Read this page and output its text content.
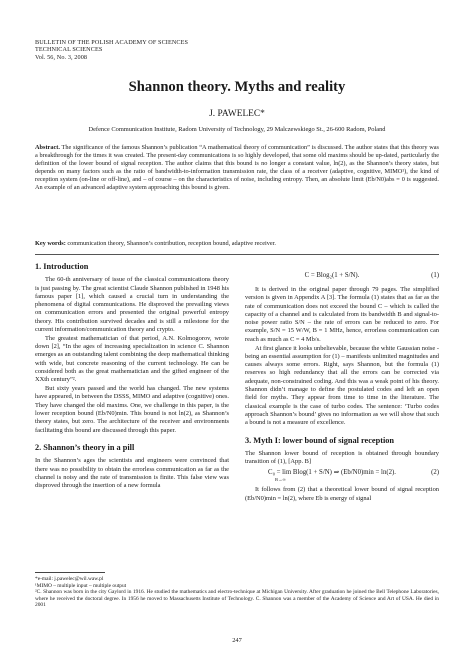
BULLETIN OF THE POLISH ACADEMY OF SCIENCES
TECHNICAL SCIENCES
Vol. 56, No. 3, 2008
Shannon theory. Myths and reality
J. PAWELEC*
Defence Communication Institute, Radom University of Technology, 29 Malczewskiego St., 26-600 Radom, Poland
Abstract. The significance of the famous Shannon’s publication “A mathematical theory of communication” is discussed. The author states that this theory was a breakthrough for the times it was created. The present-day communications is so highly developed, that some old maxims should be up-dated, particularly the definition of the lower bound of signal reception. The author claims that this bound is no longer a constant value, ln(2), as the Shannon’s theory states, but depends on many factors such as the ratio of bandwidth-to-information transmission rate, the class of a receiver (adaptive, cognitive, MIMO¹), the kind of reception system (on-line or off-line), and – of course – on the characteristics of noise, including entropy. Then, an absolute limit (Eb/N0)abs = 0 is suggested. An example of an advanced adaptive system approaching this bound is given.
Key words: communication theory, Shannon’s contribution, reception bound, adaptive receiver.
1. Introduction

The 60-th anniversary of issue of the classical communications theory is just passing by. The great scientist Claude Shannon published in 1948 his famous paper [1], which caused a crucial turn in understanding the phenomena of digital communications. He disproved the prevailing views on communication errors and presented the original powerful entropy theory. His contribution survived decades and is still a milestone for the current information/communication theory and crypto.

The greatest mathematician of that period, A.N. Kolmogorov, wrote down [2], “In the ages of increasing specialization in science C. Shannon emerges as an outstanding talent combining the deep mathematical thinking with wide, but concrete reasoning of the current technology. He can be considered both as the great mathematician and the gifted engineer of the XXth century”².

But sixty years passed and the world has changed. The new systems have appeared, in between the DSSS, MIMO and adaptive (cognitive) ones. They have changed the old maxims. One, we challenge in this paper, is the lower reception bound (Eb/N0)min. This bound is not ln(2), as Shannon’s theory states, but zero. The architecture of the receiver and environments facilitating this bound are discussed through this paper.

2. Shannon’s theory in a pill

In the Shannon’s ages the scientists and engineers were convinced that there was no possibility to obtain the errorless communication as far as the channel is noisy and the rate of transmission is finite. This false view was disproved through the insertion of a new formula

C = Blog₂(1 + S/N).	(1)

It is derived in the original paper through 79 pages. The simplified version is given in Appendix A [3]. The formula (1) states that as far as the rate of communication does not exceed the bound C – which is called the capacity of a channel and is calculated from its bandwidth B and signal-to-noise power ratio S/N – the rate of errors can be reduced to zero. For example, S/N = 15 W/W, B = 1 MHz, hence, errorless communication can reach as much as C = 4 Mb/s.

At first glance it looks unbelievable, because the white Gaussian noise - being an essential assumption for (1) – manifests unlimited magnitudes and causes always some errors. Right, says Shannon, but the formula (1) reserves so high redundancy that all the errors can be corrected via adequate, non-constrained coding. And this was a weak point of his theory. Shannon didn’t manage to define the postulated codes and left an open field for myths. They appear from time to time in the literature. The classical example is the case of turbo codes. The sentence: ‘Turbo codes approach Shannon’s bound’ gives no information as we will show that such a bound is not a measure of excellence.

3. Myth I: lower bound of signal reception

The Shannon lower bound of reception is obtained through boundary transition of (1), [App. B]

C₀ = lim Blog(1 + S/N) ⇒ (Eb/N0)min = ln(2).
B→∞
(2)

It follows from (2) that a theoretical lower bound of signal reception (Eb/N0)min = ln(2), where Eb is energy of signal

*e-mail: j.pawelec@wil.waw.pl
¹MIMO – multiple input – multiple output
²C. Shannon was born in the city Gaylord in 1916. He studied the mathematics and electro-technique at Michigan University. After graduation he joined the Bell Telephone Laboratories, where he received the doctoral degree. In 1956 he moved to Massachusetts Institute of Technology. C. Shannon was a member of the Academy of Science and Art of USA. He died in 2001
247
